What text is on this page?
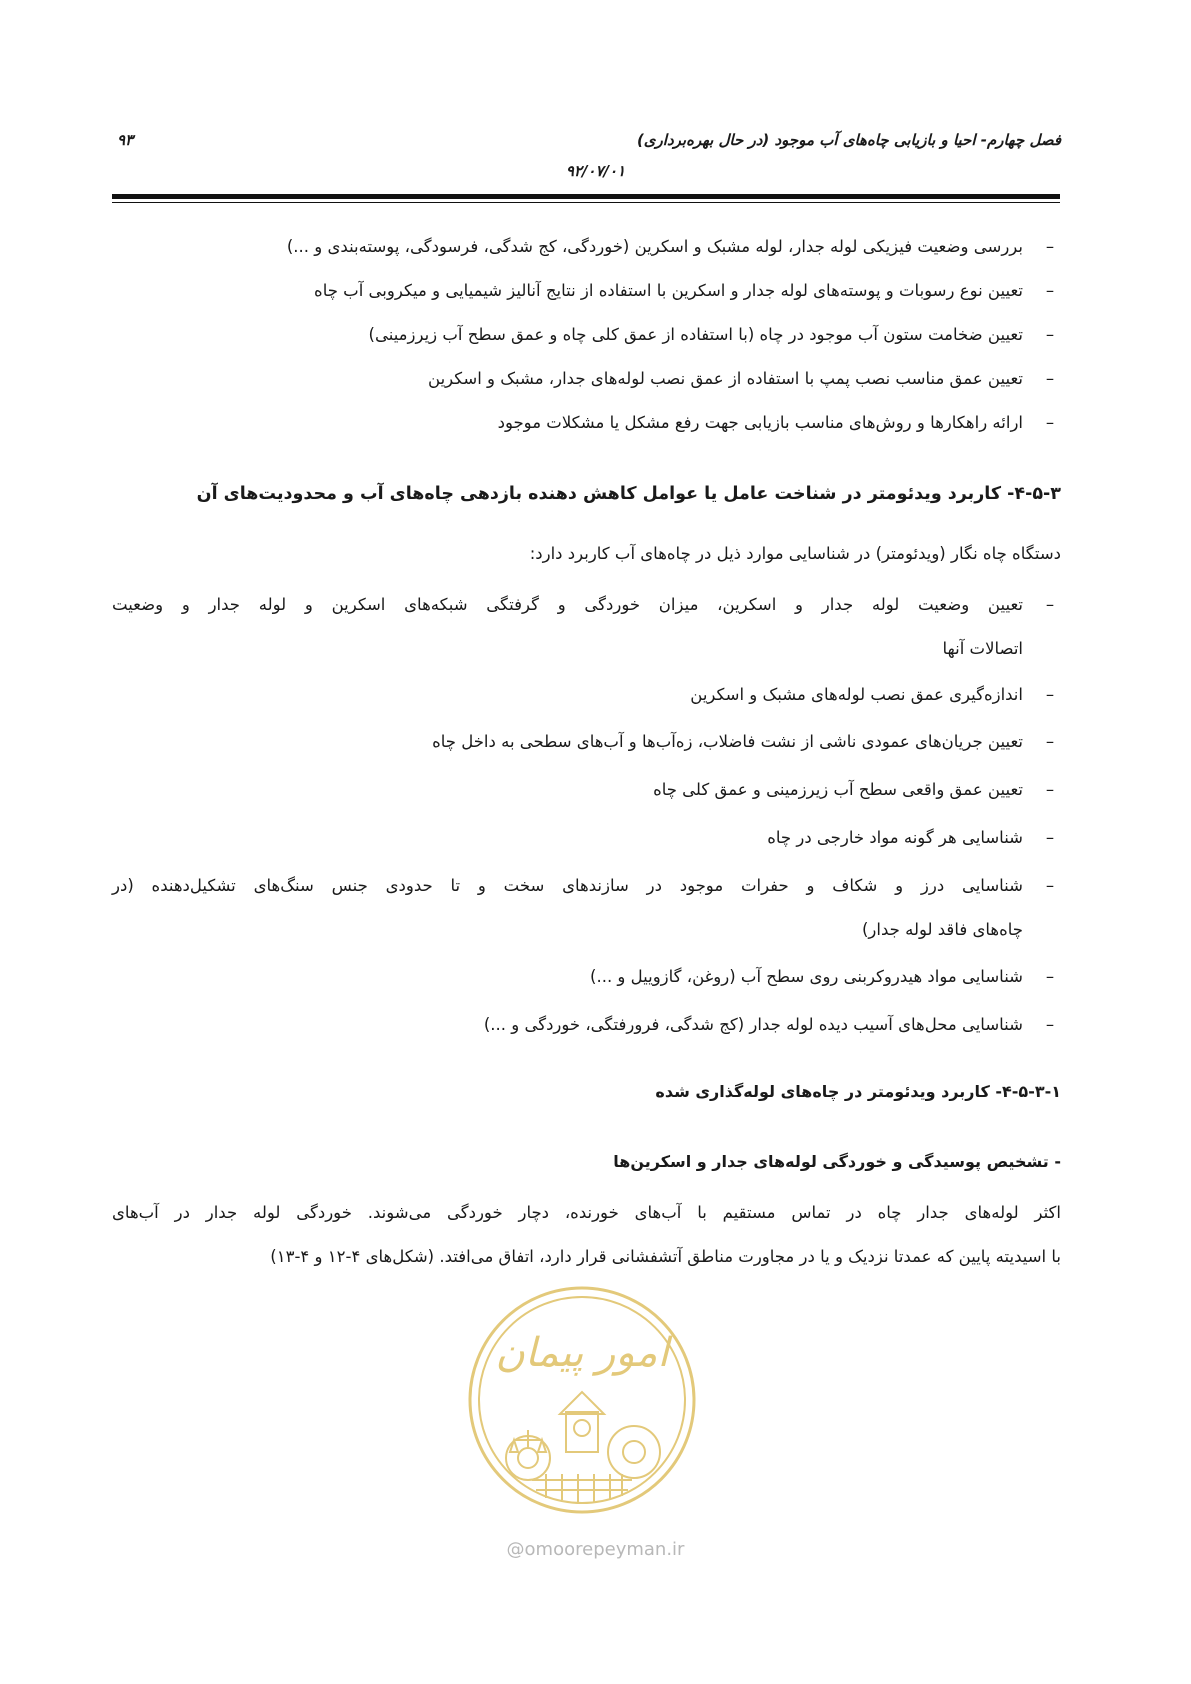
فصل چهارم- احیا و بازیابی چاه‌های آب موجود (در حال بهره‌برداری)
۹۳
۹۲/۰۷/۰۱
–
بررسی وضعیت فیزیکی لوله جدار، لوله مشبک و اسکرین (خوردگی، کج شدگی، فرسودگی، پوسته‌بندی و ...)
–
تعیین نوع رسوبات و پوسته‌های لوله جدار و اسکرین با استفاده از نتایج آنالیز شیمیایی و میکروبی آب چاه
–
تعیین ضخامت ستون آب موجود در چاه (با استفاده از عمق کلی چاه و عمق سطح آب زیرزمینی)
–
تعیین عمق مناسب نصب پمپ با استفاده از عمق نصب لوله‌های جدار، مشبک و اسکرین
–
ارائه راهکارها و روش‌های مناسب بازیابی جهت رفع مشکل یا مشکلات موجود
۴-۵-۳- کاربرد ویدئومتر در شناخت عامل یا عوامل کاهش دهنده بازدهی چاه‌های آب و محدودیت‌های آن
دستگاه چاه نگار (ویدئومتر) در شناسایی موارد ذیل در چاه‌های آب کاربرد دارد:
–
تعیین وضعیت لوله جدار و اسکرین، میزان خوردگی و گرفتگی شبکه‌های اسکرین و لوله جدار و وضعیت
اتصالات آنها
–
اندازه‌گیری عمق نصب لوله‌های مشبک و اسکرین
–
تعیین جریان‌های عمودی ناشی از نشت فاضلاب، زه‌آب‌ها و آب‌های سطحی به داخل چاه
–
تعیین عمق واقعی سطح آب زیرزمینی و عمق کلی چاه
–
شناسایی هر گونه مواد خارجی در چاه
–
شناسایی درز و شکاف و حفرات موجود در سازندهای سخت و تا حدودی جنس سنگ‌های تشکیل‌دهنده (در
چاه‌های فاقد لوله جدار)
–
شناسایی مواد هیدروکربنی روی سطح آب (روغن، گازوییل و ...)
–
شناسایی محل‌های آسیب دیده لوله جدار (کج شدگی، فرورفتگی، خوردگی و ...)
۴-۵-۳-۱- کاربرد ویدئومتر در چاه‌های لوله‌گذاری شده
- تشخیص پوسیدگی و خوردگی لوله‌های جدار و اسکرین‌ها
اکثر لوله‌های جدار چاه در تماس مستقیم با آب‌های خورنده، دچار خوردگی می‌شوند. خوردگی لوله جدار در آب‌های
با اسیدیته پایین که عمدتا نزدیک و یا در مجاورت مناطق آتشفشانی قرار دارد، اتفاق می‌افتد. (شکل‌های ۴-۱۲ و ۴-۱۳)
امور پیمان
@omoorepeyman.ir
